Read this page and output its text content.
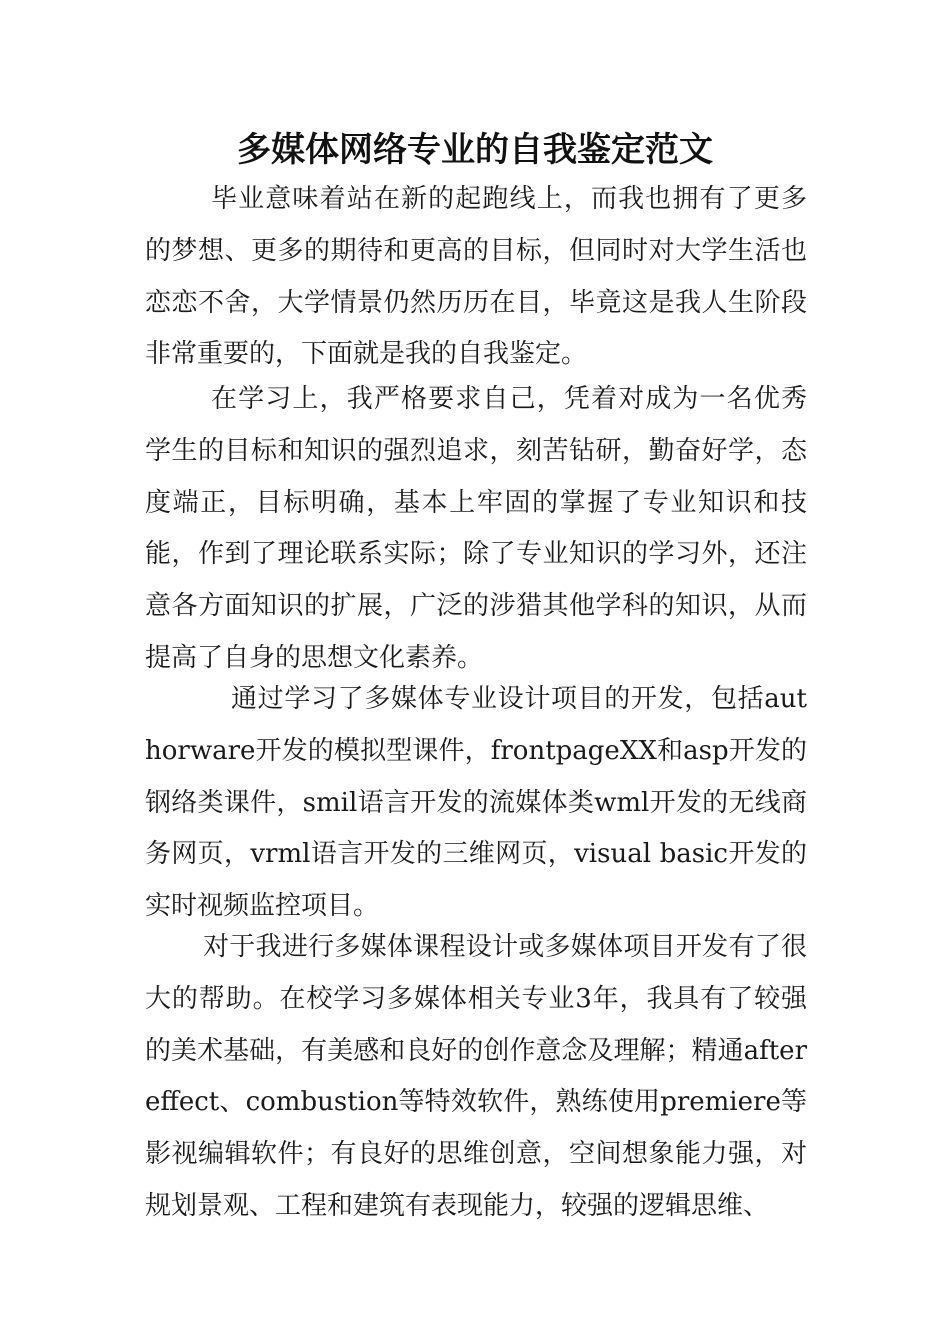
多媒体网络专业的自我鉴定范文

毕业意味着站在新的起跑线上，而我也拥有了更多的梦想、更多的期待和更高的目标，但同时对大学生活也恋恋不舍，大学情景仍然历历在目，毕竟这是我人生阶段非常重要的，下面就是我的自我鉴定。

在学习上，我严格要求自己，凭着对成为一名优秀学生的目标和知识的强烈追求，刻苦钻研，勤奋好学，态度端正，目标明确，基本上牢固的掌握了专业知识和技能，作到了理论联系实际；除了专业知识的学习外，还注意各方面知识的扩展，广泛的涉猎其他学科的知识，从而提高了自身的思想文化素养。

通过学习了多媒体专业设计项目的开发，包括authorware开发的模拟型课件，frontpageXX和asp开发的钢络类课件，smil语言开发的流媒体类wml开发的无线商务网页，vrml语言开发的三维网页，visual basic开发的实时视频监控项目。

对于我进行多媒体课程设计或多媒体项目开发有了很大的帮助。在校学习多媒体相关专业3年，我具有了较强的美术基础，有美感和良好的创作意念及理解；精通aftereffect、combustion等特效软件，熟练使用premiere等影视编辑软件；有良好的思维创意，空间想象能力强，对规划景观、工程和建筑有表现能力，较强的逻辑思维、
